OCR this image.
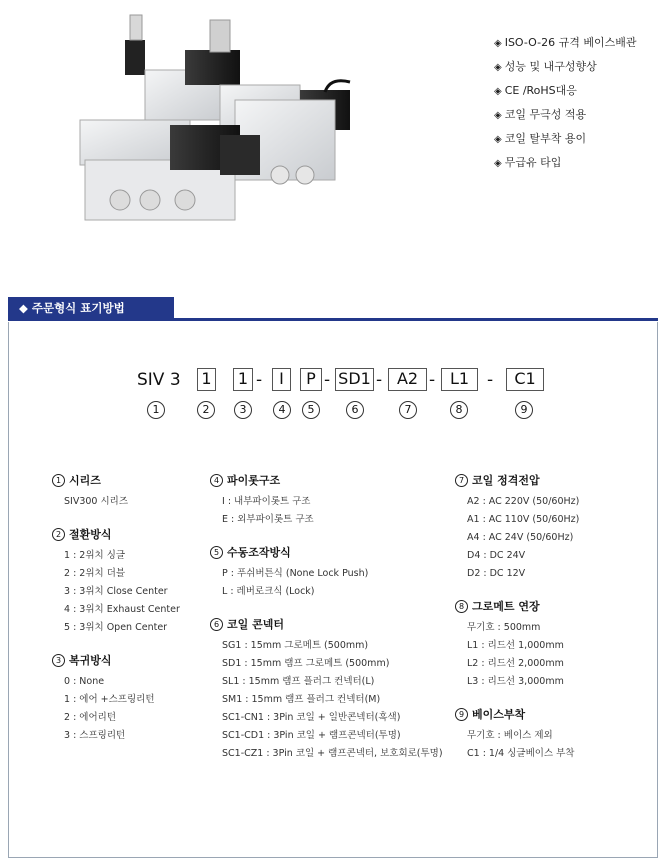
◈ ISO-O-26 규격 베이스배관
◈ 성능 및 내구성향상
◈ CE /RoHS대응
◈ 코일 무극성 적용
◈ 코일 탈부착 용이
◈ 무급유 타입
◆ 주문형식 표기방법
SIV 3 1	1 -	I	P - SD1 - A2 - L1	-	C1
1	2	3	4	5	6	7	8	9
1 시리즈
SIV300 시리즈
2 절환방식
1 : 2위치 싱글
2 : 2위치 더블
3 : 3위치 Close Center
4 : 3위치 Exhaust Center
5 : 3위치 Open Center
3 복귀방식
0 : None
1 : 에어 +스프링리턴
2 : 에어리턴
3 : 스프링리턴
4 파이롯구조
I : 내부파이롯트 구조
E : 외부파이롯트 구조
5 수동조작방식
P : 푸쉬버튼식 (None Lock Push)
L : 레버로크식 (Lock)
6 코일 콘넥터
SG1 : 15mm 그로메트 (500mm)
SD1 : 15mm 램프 그로메트 (500mm)
SL1 : 15mm 램프 플러그 컨넥터(L)
SM1 : 15mm 램프 플러그 컨넥터(M)
SC1-CN1 : 3Pin 코일 + 일반콘넥터(흑색)
SC1-CD1 : 3Pin 코일 + 램프콘넥터(투명)
SC1-CZ1 : 3Pin 코일 + 램프콘넥터, 보호회로(투명)
7 코일 정격전압
A2 : AC 220V (50/60Hz)
A1 : AC 110V (50/60Hz)
A4 : AC 24V (50/60Hz)
D4 : DC 24V
D2 : DC 12V
8 그로메트 연장
무기호 : 500mm
L1 : 리드선 1,000mm
L2 : 리드선 2,000mm
L3 : 리드선 3,000mm
9 베이스부착
무기호 : 베이스 제외
C1 : 1/4 싱글베이스 부착
